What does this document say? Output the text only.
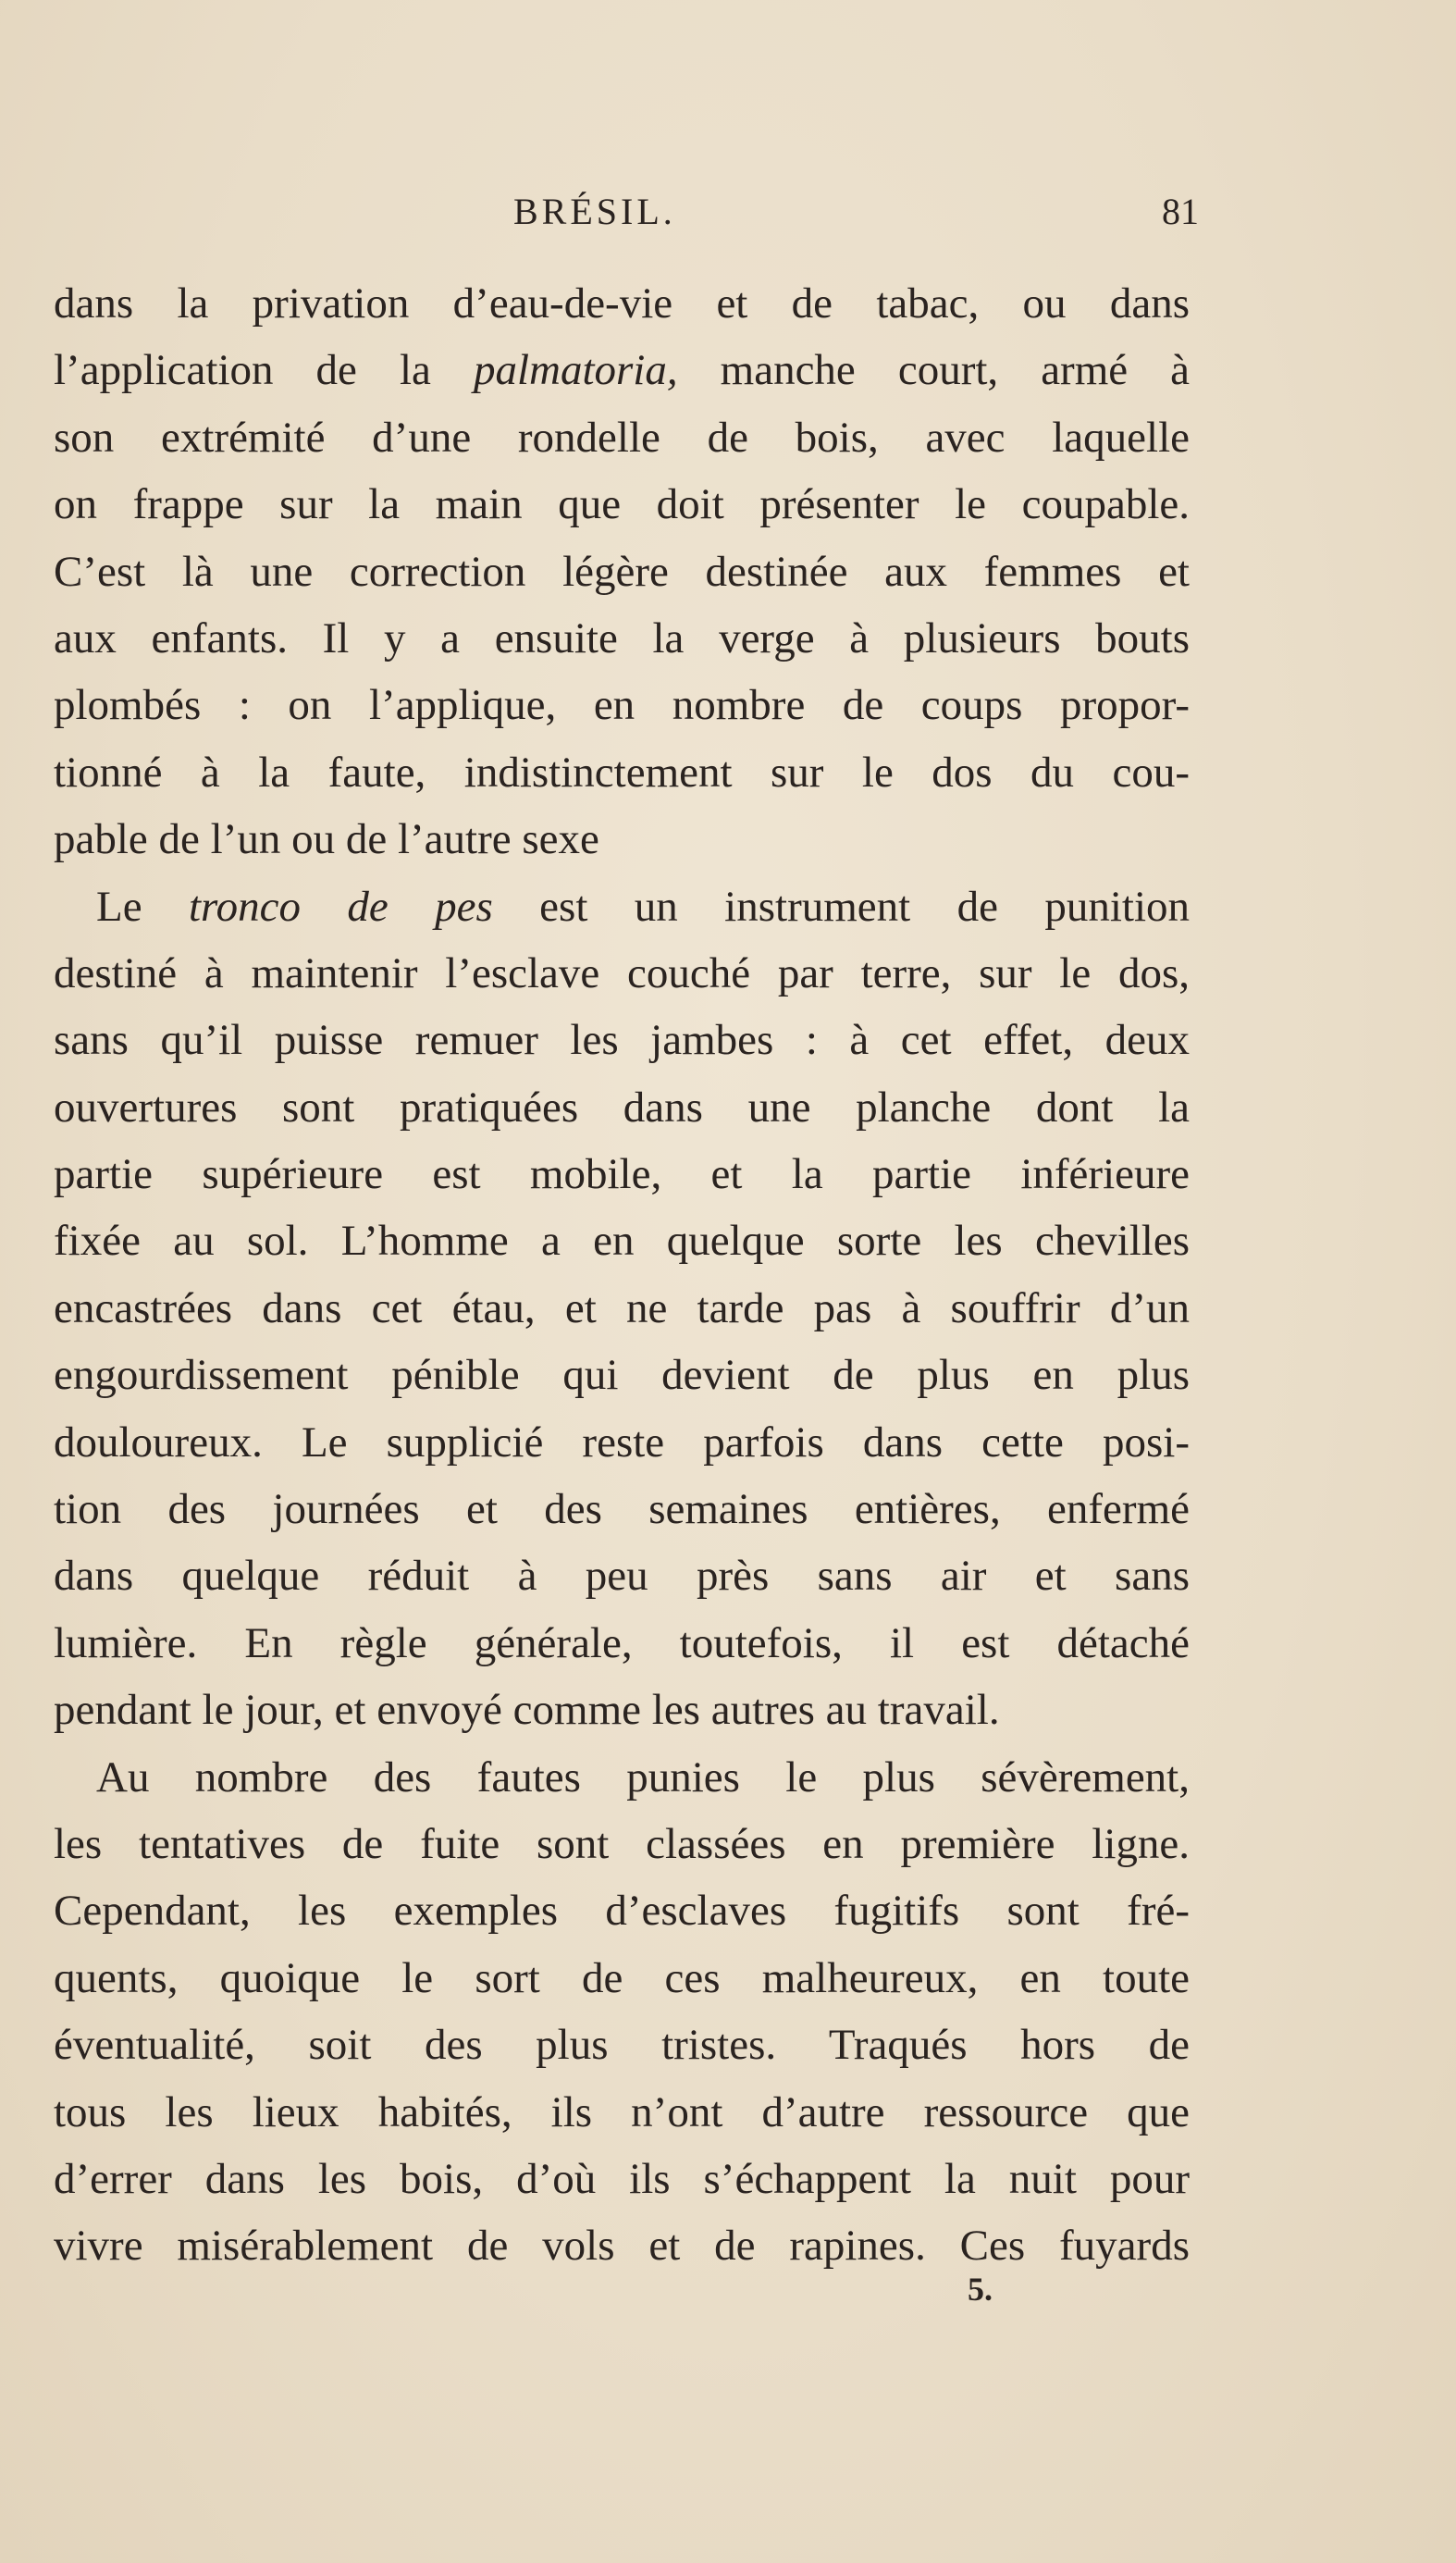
BRÉSIL.	81
dans la privation d’eau-de-vie et de tabac, ou dans
l’application de la palmatoria, manche court, armé à
son extrémité d’une rondelle de bois, avec laquelle
on frappe sur la main que doit présenter le coupable.
C’est là une correction légère destinée aux femmes et
aux enfants. Il y a ensuite la verge à plusieurs bouts
plombés : on l’applique, en nombre de coups propor-
tionné à la faute, indistinctement sur le dos du cou-
pable de l’un ou de l’autre sexe
Le tronco de pes est un instrument de punition
destiné à maintenir l’esclave couché par terre, sur le dos,
sans qu’il puisse remuer les jambes : à cet effet, deux
ouvertures sont pratiquées dans une planche dont la
partie supérieure est mobile, et la partie inférieure
fixée au sol. L’homme a en quelque sorte les chevilles
encastrées dans cet étau, et ne tarde pas à souffrir d’un
engourdissement pénible qui devient de plus en plus
douloureux. Le supplicié reste parfois dans cette posi-
tion des journées et des semaines entières, enfermé
dans quelque réduit à peu près sans air et sans
lumière. En règle générale, toutefois, il est détaché
pendant le jour, et envoyé comme les autres au travail.
Au nombre des fautes punies le plus sévèrement,
les tentatives de fuite sont classées en première ligne.
Cependant, les exemples d’esclaves fugitifs sont fré-
quents, quoique le sort de ces malheureux, en toute
éventualité, soit des plus tristes. Traqués hors de
tous les lieux habités, ils n’ont d’autre ressource que
d’errer dans les bois, d’où ils s’échappent la nuit pour
vivre misérablement de vols et de rapines. Ces fuyards
5.
